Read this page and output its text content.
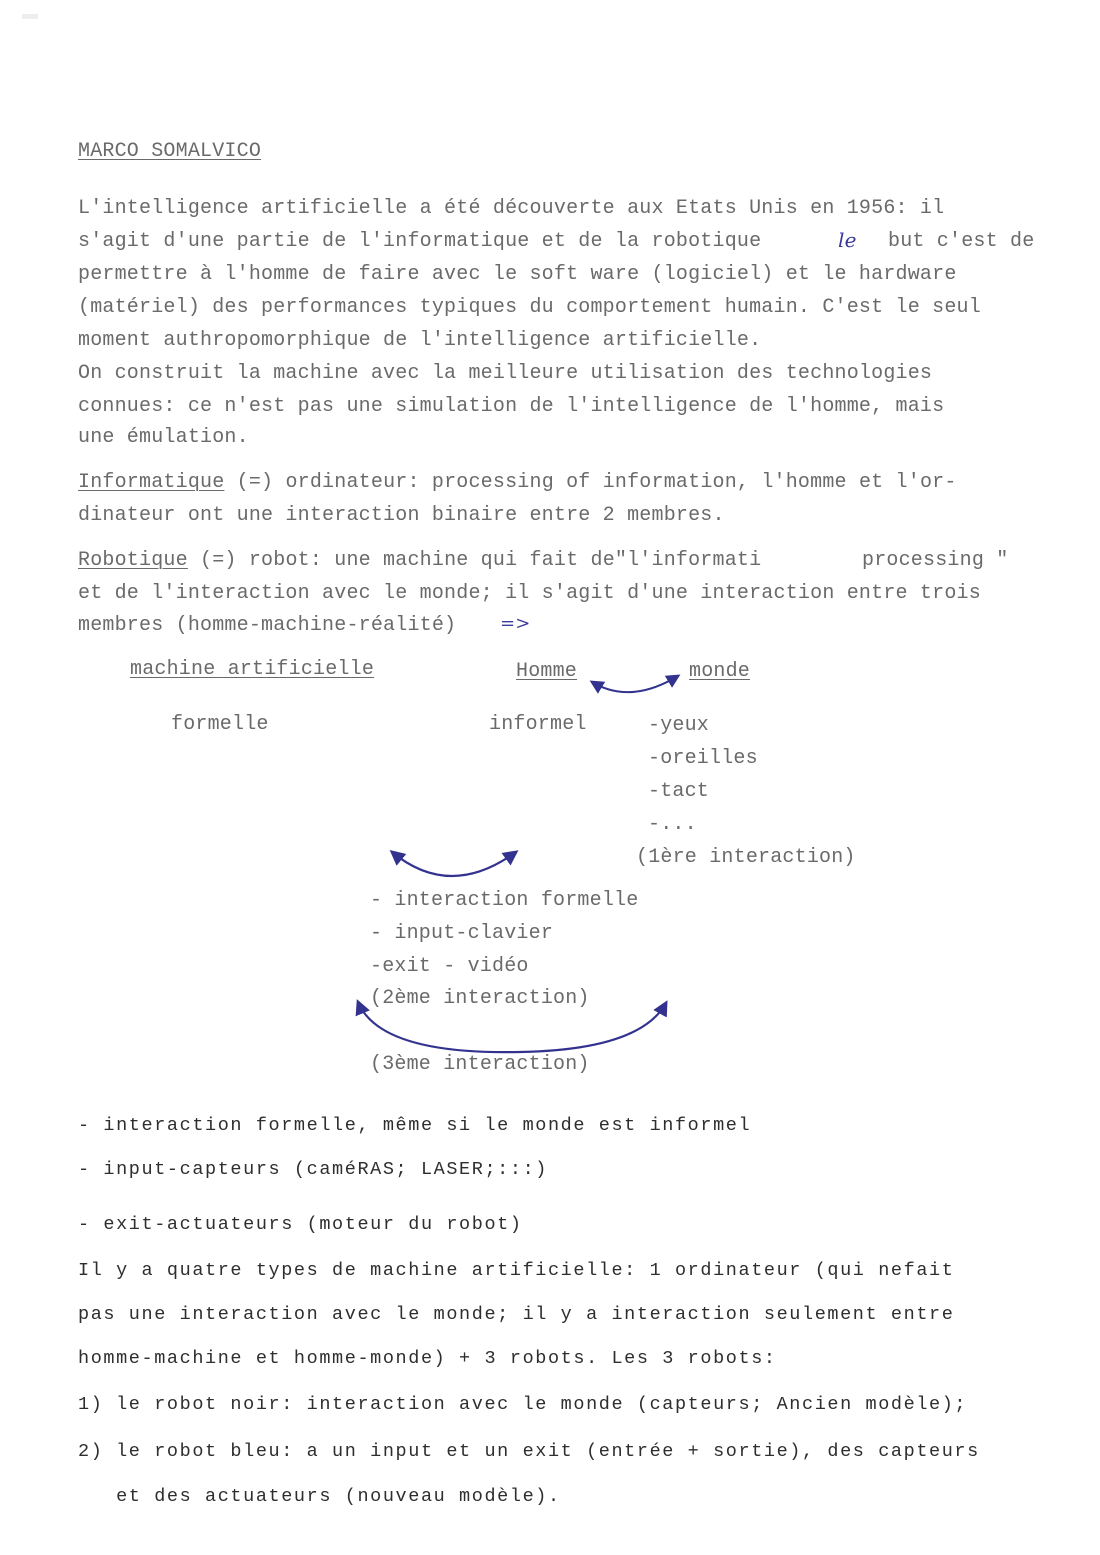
MARCO SOMALVICO
L'intelligence artificielle a été découverte aux Etats Unis en 1956: il
s'agit d'une partie de l'informatique et de la robotique	le but c'est de
permettre à l'homme de faire avec le soft ware (logiciel) et le hardware
(matériel) des performances typiques du comportement humain. C'est le seul
moment authropomorphique de l'intelligence artificielle.
On construit la machine avec la meilleure utilisation des technologies
connues: ce n'est pas une simulation de l'intelligence de l'homme, mais
une émulation.
Informatique (=) ordinateur: processing of information, l'homme et l'or-
dinateur ont une interaction binaire entre 2 membres.
Robotique (=) robot: une machine qui fait de"l'informati	processing "
et de l'interaction avec le monde; il s'agit d'une interaction entre trois
membres (homme-machine-réalité) =>
machine artificielle	Homme	monde
formelle	informel	-yeux
-oreilles
-tact
-...
(1ère interaction)
- interaction formelle
- input-clavier
-exit - vidéo
(2ème interaction)
(3ème interaction)
- interaction formelle, même si le monde est informel
- input-capteurs (caméRAS; LASER;:::)
- exit-actuateurs (moteur du robot)
Il y a quatre types de machine artificielle: 1 ordinateur (qui nefait
pas une interaction avec le monde; il y a interaction seulement entre
homme-machine et homme-monde) + 3 robots. Les 3 robots:
1) le robot noir: interaction avec le monde (capteurs; Ancien modèle);
2) le robot bleu: a un input et un exit (entrée + sortie), des capteurs
et des actuateurs (nouveau modèle).
